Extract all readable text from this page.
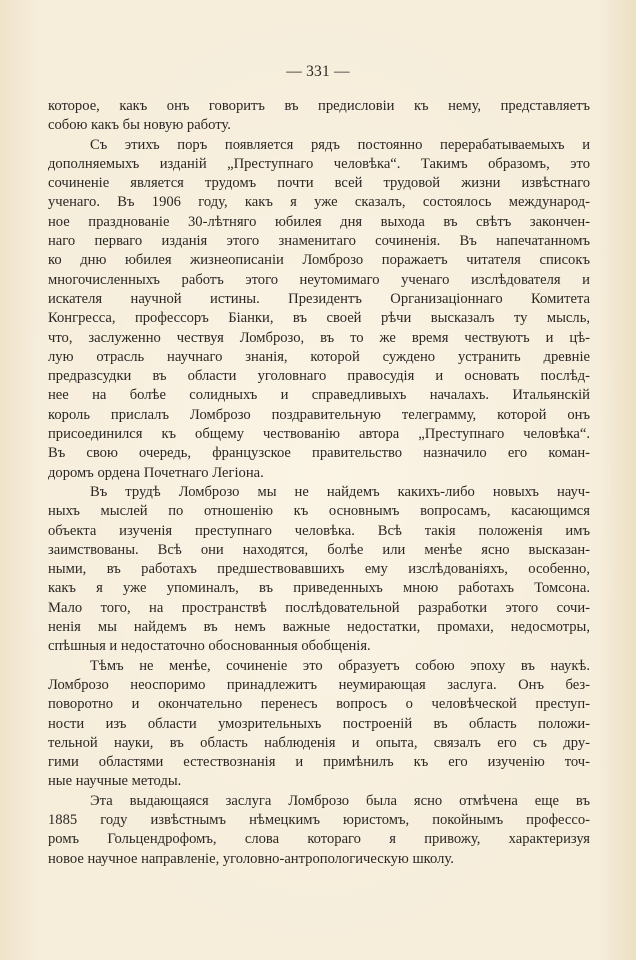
— 331 —
которое, какъ онъ говоритъ въ предисловіи къ нему, представляетъ
собою какъ бы новую работу.
Съ этихъ поръ появляется рядъ постоянно перерабатываемыхъ и
дополняемыхъ изданій „Преступнаго человѣка“. Такимъ образомъ, это
сочиненіе является трудомъ почти всей трудовой жизни извѣстнаго
ученаго. Въ 1906 году, какъ я уже сказалъ, состоялось международ-
ное празднованіе 30-лѣтняго юбилея дня выхода въ свѣтъ закончен-
наго перваго изданія этого знаменитаго сочиненія. Въ напечатанномъ
ко дню юбилея жизнеописаніи Ломброзо поражаетъ читателя списокъ
многочисленныхъ работъ этого неутомимаго ученаго изслѣдователя и
искателя научной истины. Президентъ Организаціоннаго Комитета
Конгресса, профессоръ Біанки, въ своей рѣчи высказалъ ту мысль,
что, заслуженно чествуя Ломброзо, въ то же время чествуютъ и цѣ-
лую отрасль научнаго знанія, которой суждено устранить древніе
предразсудки въ области уголовнаго правосудія и основать послѣд-
нее на болѣе солидныхъ и справедливыхъ началахъ. Итальянскій
король прислалъ Ломброзо поздравительную телеграмму, которой онъ
присоединился къ общему чествованію автора „Преступнаго человѣка“.
Въ свою очередь, французское правительство назначило его коман-
доромъ ордена Почетнаго Легіона.
Въ трудѣ Ломброзо мы не найдемъ какихъ-либо новыхъ науч-
ныхъ мыслей по отношенію къ основнымъ вопросамъ, касающимся
объекта изученія преступнаго человѣка. Всѣ такія положенія имъ
заимствованы. Всѣ они находятся, болѣе или менѣе ясно высказан-
ными, въ работахъ предшествовавшихъ ему изслѣдованіяхъ, особенно,
какъ я уже упоминалъ, въ приведенныхъ мною работахъ Томсона.
Мало того, на пространствѣ послѣдовательной разработки этого сочи-
ненія мы найдемъ въ немъ важные недостатки, промахи, недосмотры,
спѣшныя и недостаточно обоснованныя обобщенія.
Тѣмъ не менѣе, сочиненіе это образуетъ собою эпоху въ наукѣ.
Ломброзо неоспоримо принадлежитъ неумирающая заслуга. Онъ без-
поворотно и окончательно перенесъ вопросъ о человѣческой преступ-
ности изъ области умозрительныхъ построеній въ область положи-
тельной науки, въ область наблюденія и опыта, связалъ его съ дру-
гими областями естествознанія и примѣнилъ къ его изученію точ-
ные научные методы.
Эта выдающаяся заслуга Ломброзо была ясно отмѣчена еще въ
1885 году извѣстнымъ нѣмецкимъ юристомъ, покойнымъ профессо-
ромъ Гольцендрофомъ, слова котораго я привожу, характеризуя
новое научное направленіе, уголовно-антропологическую школу.
